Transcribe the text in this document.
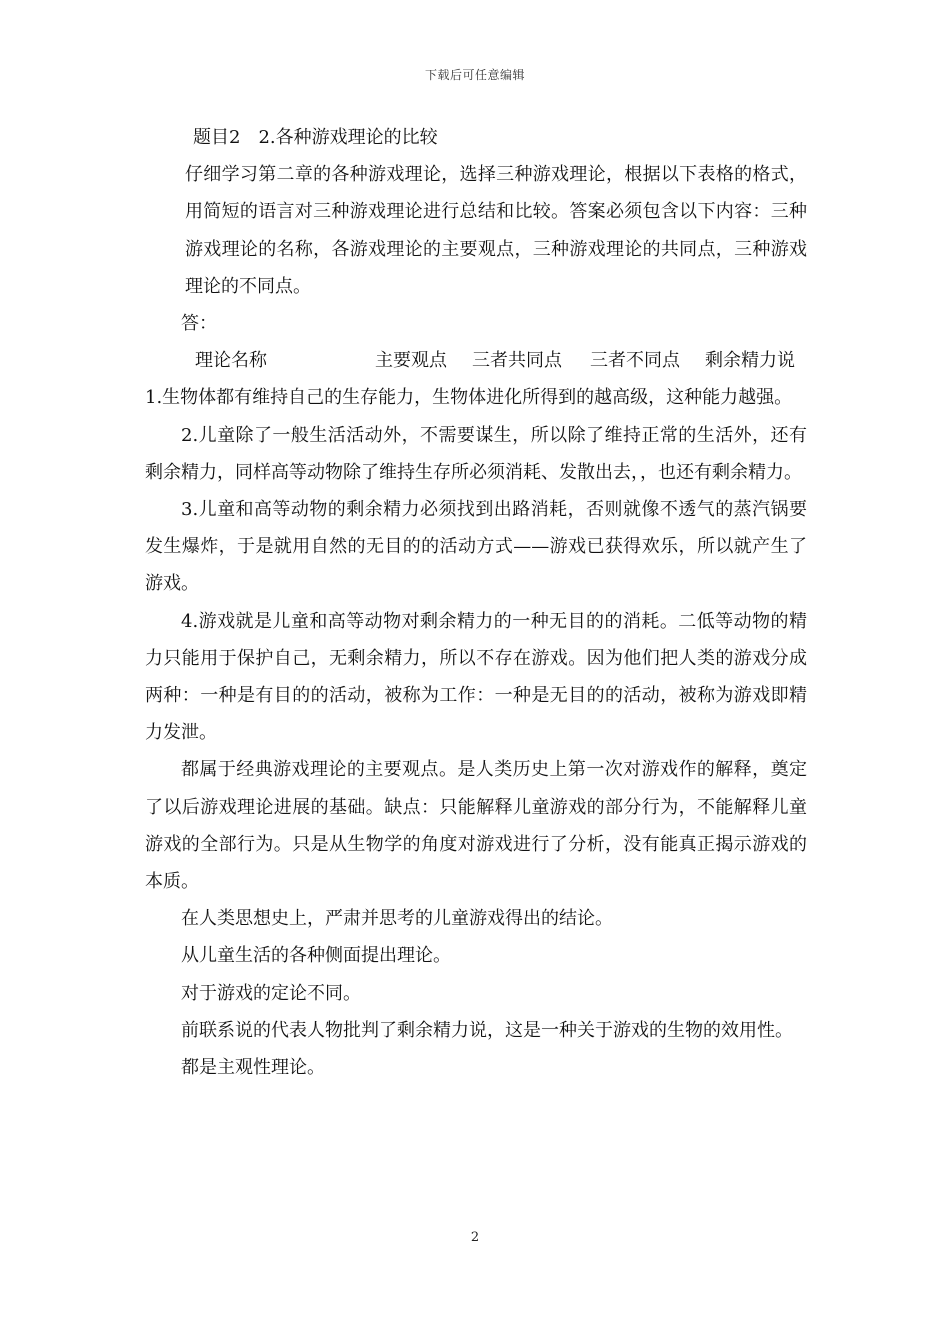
下载后可任意编辑

题目2　2.各种游戏理论的比较

仔细学习第二章的各种游戏理论，选择三种游戏理论，根据以下表格的格式，用简短的语言对三种游戏理论进行总结和比较。答案必须包含以下内容：三种游戏理论的名称，各游戏理论的主要观点，三种游戏理论的共同点，三种游戏理论的不同点。

答：

理论名称	主要观点	三者共同点	三者不同点	剩余精力说

1.生物体都有维持自己的生存能力，生物体进化所得到的越高级，这种能力越强。

2.儿童除了一般生活活动外，不需要谋生，所以除了维持正常的生活外，还有剩余精力，同样高等动物除了维持生存所必须消耗、发散出去，，也还有剩余精力。

3.儿童和高等动物的剩余精力必须找到出路消耗，否则就像不透气的蒸汽锅要发生爆炸，于是就用自然的无目的的活动方式——游戏已获得欢乐，所以就产生了游戏。

4.游戏就是儿童和高等动物对剩余精力的一种无目的的消耗。二低等动物的精力只能用于保护自己，无剩余精力，所以不存在游戏。因为他们把人类的游戏分成两种：一种是有目的的活动，被称为工作：一种是无目的的活动，被称为游戏即精力发泄。

都属于经典游戏理论的主要观点。是人类历史上第一次对游戏作的解释，奠定了以后游戏理论进展的基础。缺点：只能解释儿童游戏的部分行为，不能解释儿童游戏的全部行为。只是从生物学的角度对游戏进行了分析，没有能真正揭示游戏的本质。

在人类思想史上，严肃并思考的儿童游戏得出的结论。

从儿童生活的各种侧面提出理论。

对于游戏的定论不同。

前联系说的代表人物批判了剩余精力说，这是一种关于游戏的生物的效用性。

都是主观性理论。

2
